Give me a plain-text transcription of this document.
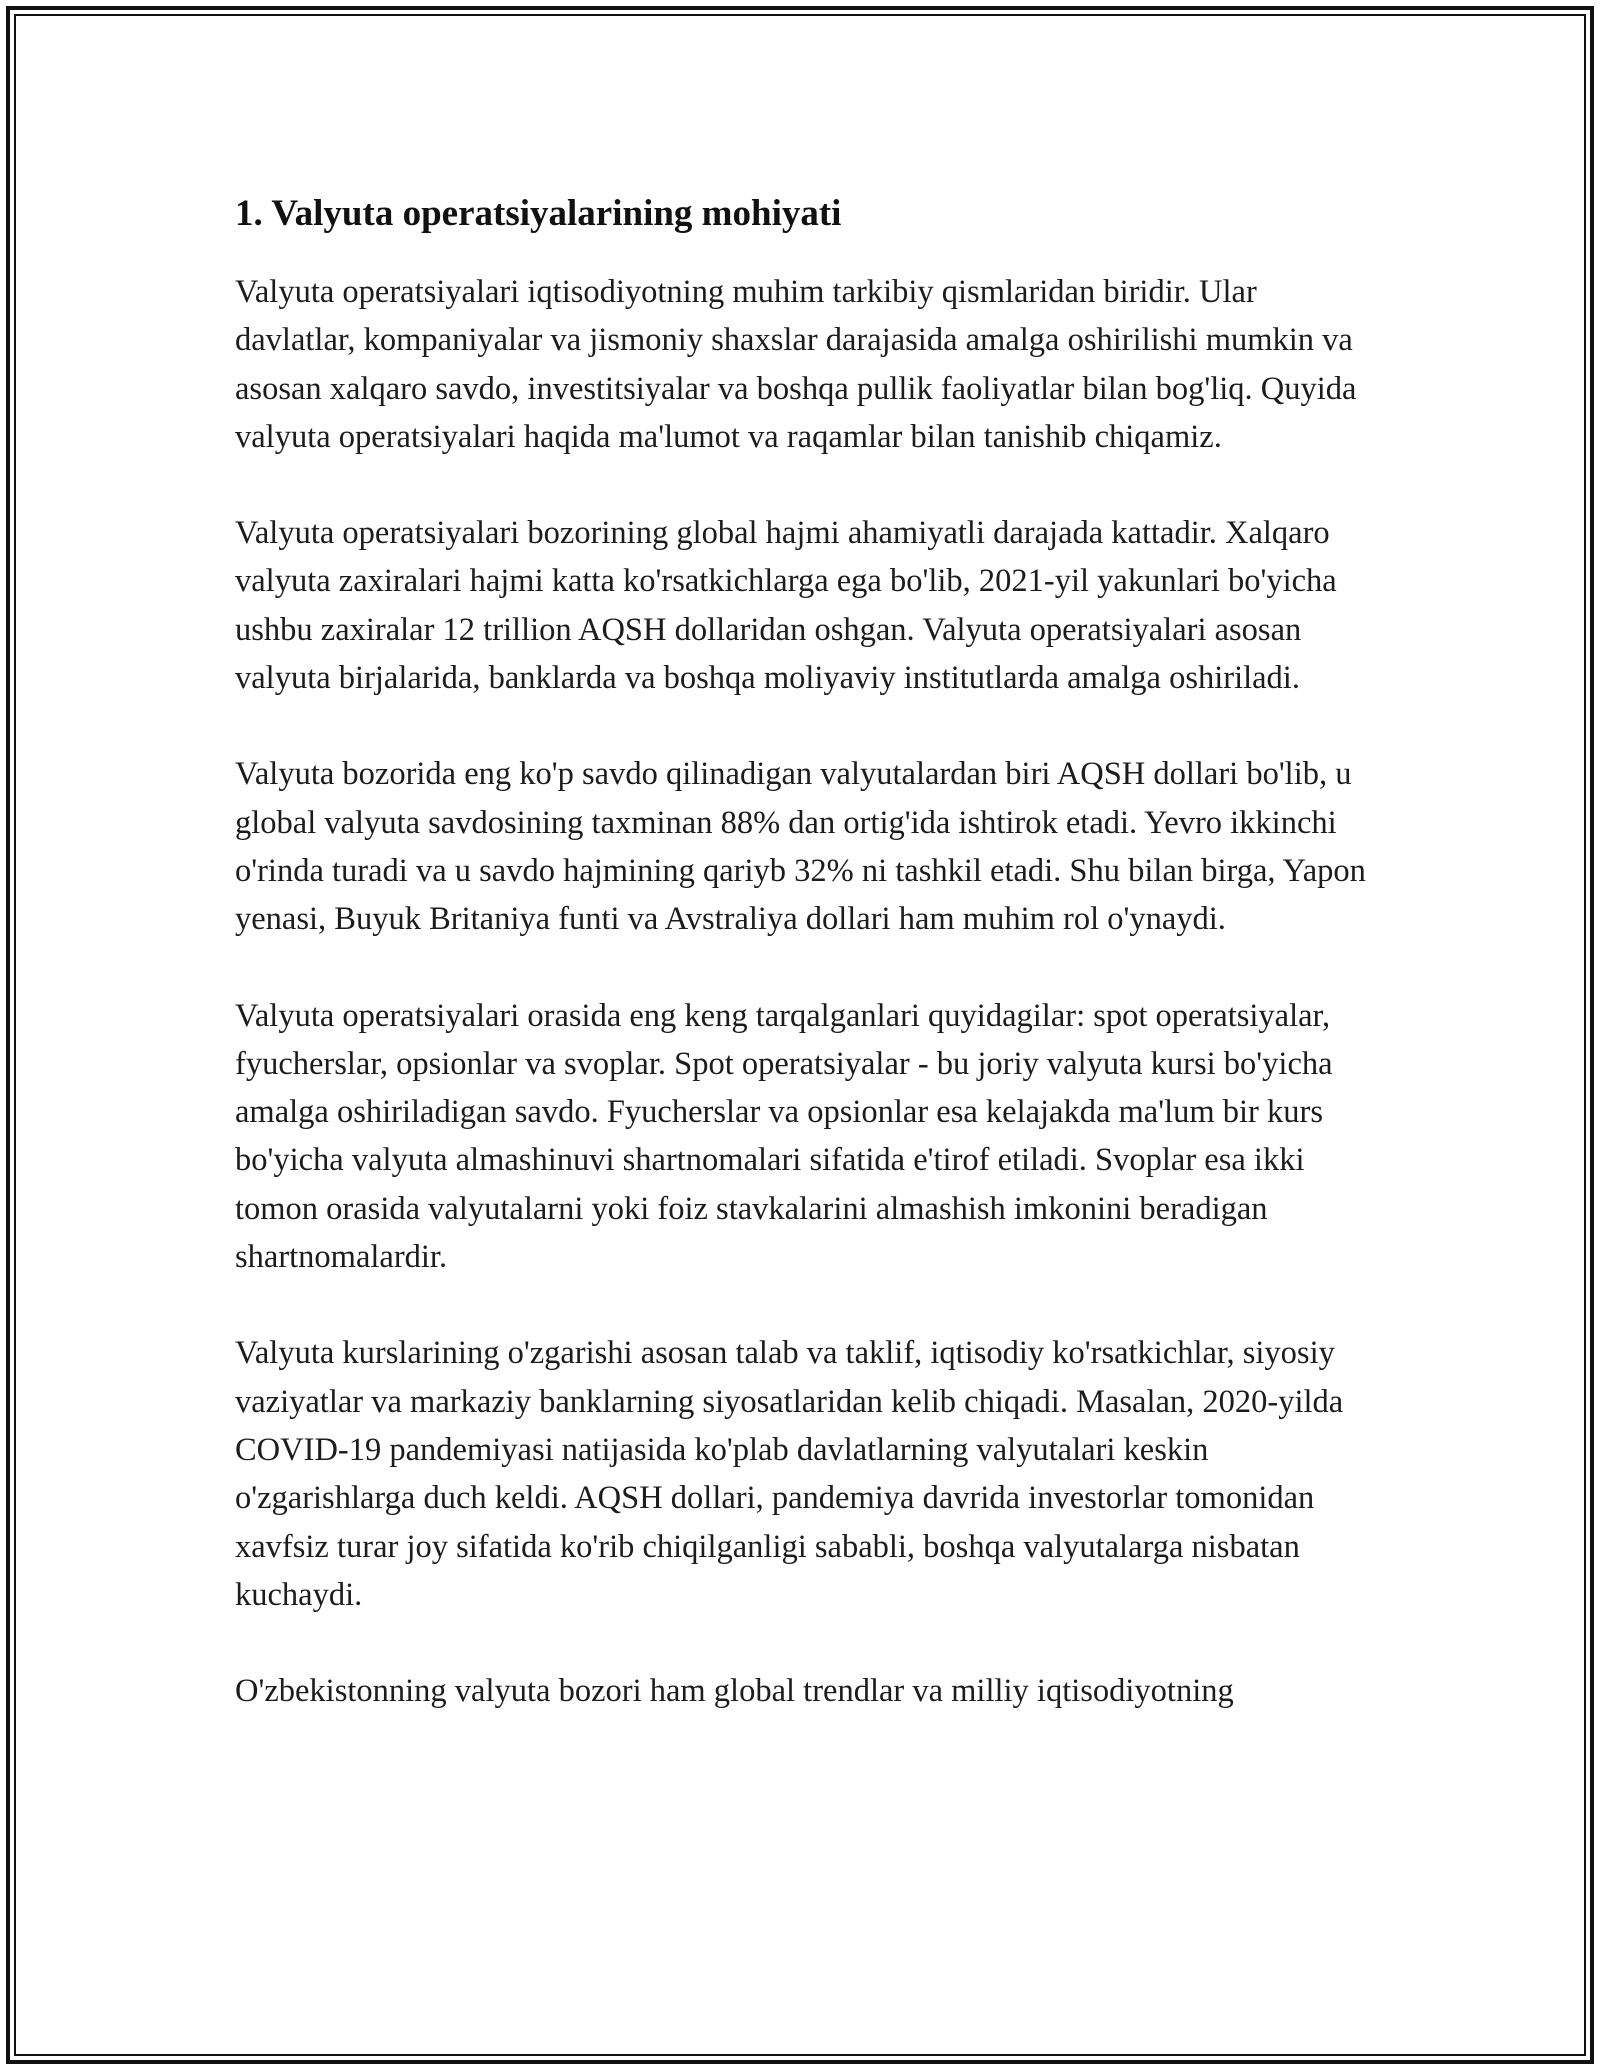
1. Valyuta operatsiyalarining mohiyati

Valyuta operatsiyalari iqtisodiyotning muhim tarkibiy qismlaridan biridir. Ular davlatlar, kompaniyalar va jismoniy shaxslar darajasida amalga oshirilishi mumkin va asosan xalqaro savdo, investitsiyalar va boshqa pullik faoliyatlar bilan bog'liq. Quyida valyuta operatsiyalari haqida ma'lumot va raqamlar bilan tanishib chiqamiz.

Valyuta operatsiyalari bozorining global hajmi ahamiyatli darajada kattadir. Xalqaro valyuta zaxiralari hajmi katta ko'rsatkichlarga ega bo'lib, 2021-yil yakunlari bo'yicha ushbu zaxiralar 12 trillion AQSH dollaridan oshgan. Valyuta operatsiyalari asosan valyuta birjalarida, banklarda va boshqa moliyaviy institutlarda amalga oshiriladi.

Valyuta bozorida eng ko'p savdo qilinadigan valyutalardan biri AQSH dollari bo'lib, u global valyuta savdosining taxminan 88% dan ortig'ida ishtirok etadi. Yevro ikkinchi o'rinda turadi va u savdo hajmining qariyb 32% ni tashkil etadi. Shu bilan birga, Yapon yenasi, Buyuk Britaniya funti va Avstraliya dollari ham muhim rol o'ynaydi.

Valyuta operatsiyalari orasida eng keng tarqalganlari quyidagilar: spot operatsiyalar, fyucherslar, opsionlar va svoplar. Spot operatsiyalar - bu joriy valyuta kursi bo'yicha amalga oshiriladigan savdo. Fyucherslar va opsionlar esa kelajakda ma'lum bir kurs bo'yicha valyuta almashinuvi shartnomalari sifatida e'tirof etiladi. Svoplar esa ikki tomon orasida valyutalarni yoki foiz stavkalarini almashish imkonini beradigan shartnomalardir.

Valyuta kurslarining o'zgarishi asosan talab va taklif, iqtisodiy ko'rsatkichlar, siyosiy vaziyatlar va markaziy banklarning siyosatlaridan kelib chiqadi. Masalan, 2020-yilda COVID-19 pandemiyasi natijasida ko'plab davlatlarning valyutalari keskin o'zgarishlarga duch keldi. AQSH dollari, pandemiya davrida investorlar tomonidan xavfsiz turar joy sifatida ko'rib chiqilganligi sababli, boshqa valyutalarga nisbatan kuchaydi.

O'zbekistonning valyuta bozori ham global trendlar va milliy iqtisodiyotning
